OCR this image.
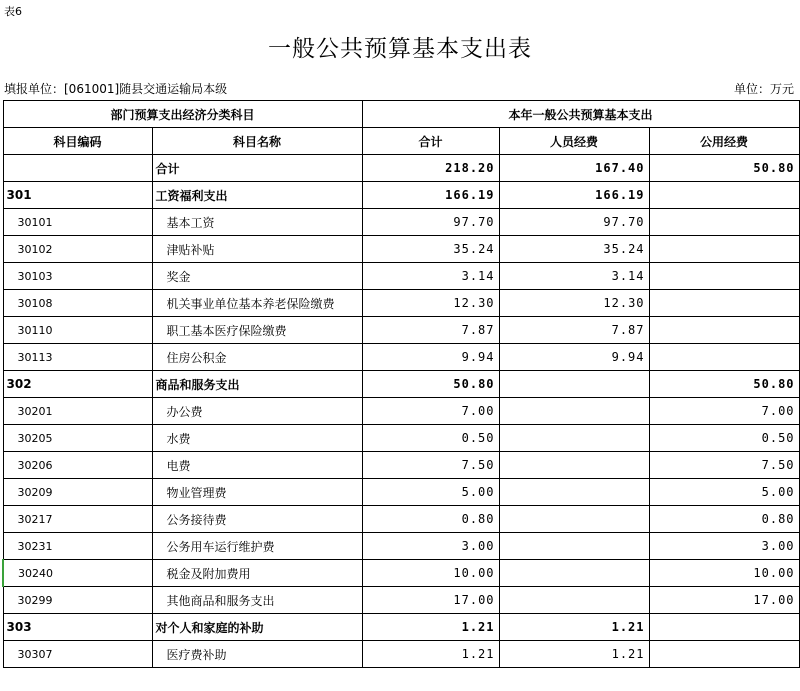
表6
一般公共预算基本支出表
填报单位：[061001]随县交通运输局本级	单位：万元
部门预算支出经济分类科目		本年一般公共预算基本支出		
科目编码	科目名称	合计	人员经费	公用经费
	合计	218.20	167.40	50.80
301	工资福利支出	166.19	166.19	
30101	基本工资	97.70	97.70	
30102	津贴补贴	35.24	35.24	
30103	奖金	3.14	3.14	
30108	机关事业单位基本养老保险缴费	12.30	12.30	
30110	职工基本医疗保险缴费	7.87	7.87	
30113	住房公积金	9.94	9.94	
302	商品和服务支出	50.80		50.80
30201	办公费	7.00		7.00
30205	水费	0.50		0.50
30206	电费	7.50		7.50
30209	物业管理费	5.00		5.00
30217	公务接待费	0.80		0.80
30231	公务用车运行维护费	3.00		3.00
30240	税金及附加费用	10.00		10.00
30299	其他商品和服务支出	17.00		17.00
303	对个人和家庭的补助	1.21	1.21	
30307	医疗费补助	1.21	1.21	
